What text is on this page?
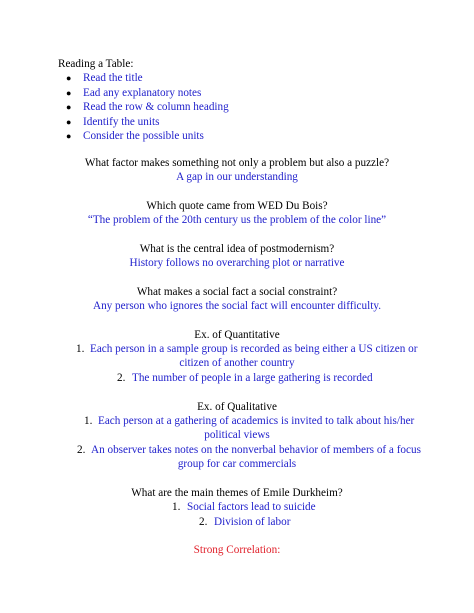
Reading a Table:
● Read the title
● Ead any explanatory notes
● Read the row & column heading
● Identify the units
● Consider the possible units
What factor makes something not only a problem but also a puzzle?
A gap in our understanding
Which quote came from WED Du Bois?
“The problem of the 20th century us the problem of the color line”
What is the central idea of postmodernism?
History follows no overarching plot or narrative
What makes a social fact a social constraint?
Any person who ignores the social fact will encounter difficulty.
Ex. of Quantitative
1. Each person in a sample group is recorded as being either a US citizen or
citizen of another country
2. The number of people in a large gathering is recorded
Ex. of Qualitative
1. Each person at a gathering of academics is invited to talk about his/her
political views
2. An observer takes notes on the nonverbal behavior of members of a focus
group for car commercials
What are the main themes of Emile Durkheim?
1. Social factors lead to suicide
2. Division of labor
Strong Correlation:
